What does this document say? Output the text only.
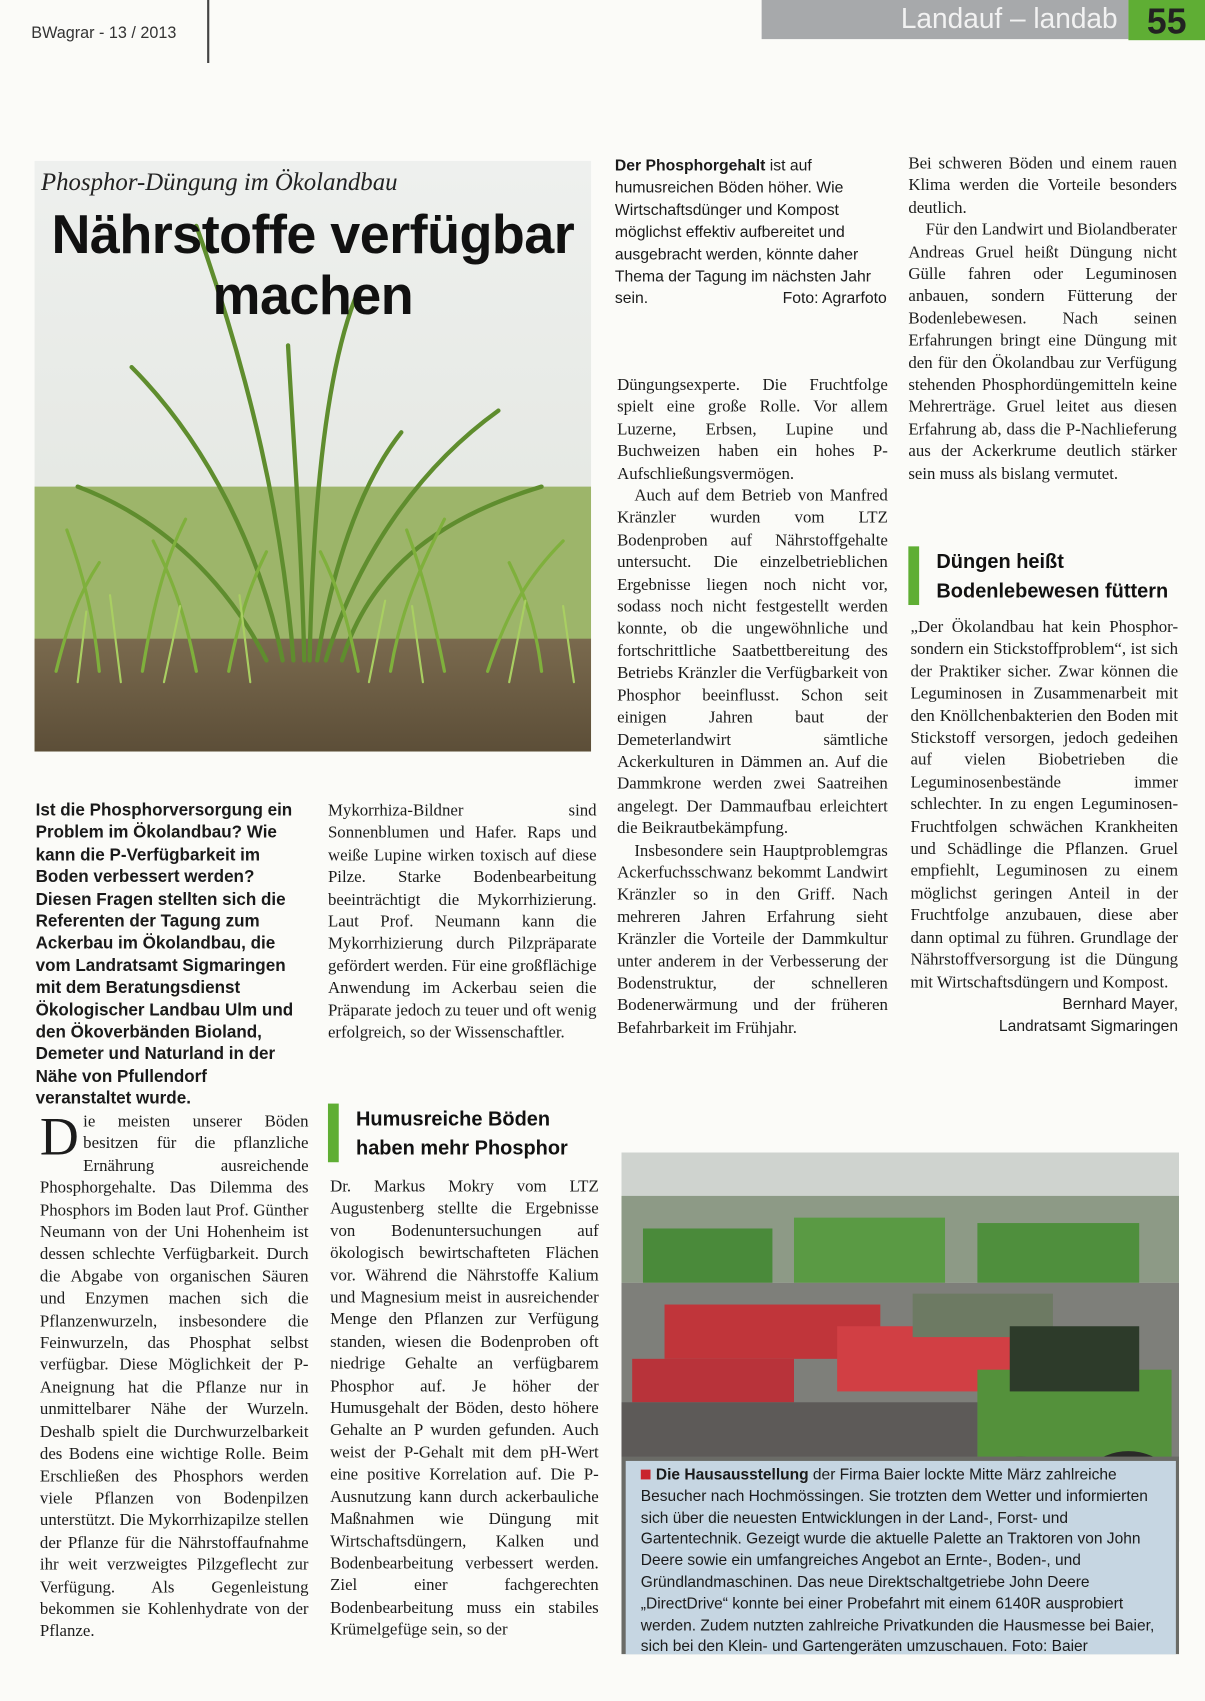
BWagrar - 13 / 2013	Landauf – landab 55
Phosphor-Düngung im Ökolandbau
Nährstoffe verfügbar machen
Ist die Phosphorversorgung ein Problem im Ökolandbau? Wie kann die P-Verfügbarkeit im Boden verbessert werden? Diesen Fragen stellten sich die Referenten der Tagung zum Ackerbau im Ökolandbau, die vom Landratsamt Sigmaringen mit dem Beratungsdienst Ökologischer Landbau Ulm und den Ökoverbänden Bioland, Demeter und Naturland in der Nähe von Pfullendorf veranstaltet wurde.

Die meisten unserer Böden besitzen für die pflanzliche Ernährung ausreichende Phosphorgehalte. Das Dilemma des Phosphors im Boden laut Prof. Günther Neumann von der Uni Hohenheim ist dessen schlechte Verfügbarkeit. Durch die Abgabe von organischen Säuren und Enzymen machen sich die Pflanzenwurzeln, insbesondere die Feinwurzeln, das Phosphat selbst verfügbar. Diese Möglichkeit der P-Aneignung hat die Pflanze nur in unmittelbarer Nähe der Wurzeln. Deshalb spielt die Durchwurzelbarkeit des Bodens eine wichtige Rolle. Beim Erschließen des Phosphors werden viele Pflanzen von Bodenpilzen unterstützt. Die Mykorrhizapilze stellen der Pflanze für die Nährstoffaufnahme ihr weit verzweigtes Pilzgeflecht zur Verfügung. Als Gegenleistung bekommen sie Kohlenhydrate von der Pflanze.

Mykorrhiza-Bildner sind Sonnenblumen und Hafer. Raps und weiße Lupine wirken toxisch auf diese Pilze. Starke Bodenbearbeitung beeinträchtigt die Mykorrhizierung. Laut Prof. Neumann kann die Mykorrhizierung durch Pilzpräparate gefördert werden. Für eine großflächige Anwendung im Ackerbau seien die Präparate jedoch zu teuer und oft wenig erfolgreich, so der Wissenschaftler.

Humusreiche Böden haben mehr Phosphor

Dr. Markus Mokry vom LTZ Augustenberg stellte die Ergebnisse von Bodenuntersuchungen auf ökologisch bewirtschafteten Flächen vor. Während die Nährstoffe Kalium und Magnesium meist in ausreichender Menge den Pflanzen zur Verfügung standen, wiesen die Bodenproben oft niedrige Gehalte an verfügbarem Phosphor auf. Je höher der Humusgehalt der Böden, desto höhere Gehalte an P wurden gefunden. Auch weist der P-Gehalt mit dem pH-Wert eine positive Korrelation auf. Die P-Ausnutzung kann durch ackerbauliche Maßnahmen wie Düngung mit Wirtschaftsdüngern, Kalken und Bodenbearbeitung verbessert werden. Ziel einer fachgerechten Bodenbearbeitung muss ein stabiles Krümelgefüge sein, so der

Der Phosphorgehalt ist auf humusreichen Böden höher. Wie Wirtschaftsdünger und Kompost möglichst effektiv aufbereitet und ausgebracht werden, könnte daher Thema der Tagung im nächsten Jahr sein.	Foto: Agrarfoto

Düngungsexperte. Die Fruchtfolge spielt eine große Rolle. Vor allem Luzerne, Erbsen, Lupine und Buchweizen haben ein hohes P-Aufschließungsvermögen.

Auch auf dem Betrieb von Manfred Kränzler wurden vom LTZ Bodenproben auf Nährstoffgehalte untersucht. Die einzelbetrieblichen Ergebnisse liegen noch nicht vor, sodass noch nicht festgestellt werden konnte, ob die ungewöhnliche und fortschrittliche Saatbettbereitung des Betriebs Kränzler die Verfügbarkeit von Phosphor beeinflusst. Schon seit einigen Jahren baut der Demeterlandwirt sämtliche Ackerkulturen in Dämmen an. Auf die Dammkrone werden zwei Saatreihen angelegt. Der Dammaufbau erleichtert die Beikrautbekämpfung.

Insbesondere sein Hauptproblemgras Ackerfuchsschwanz bekommt Landwirt Kränzler so in den Griff. Nach mehreren Jahren Erfahrung sieht Kränzler die Vorteile der Dammkultur unter anderem in der Verbesserung der Bodenstruktur, der schnelleren Bodenerwärmung und der früheren Befahrbarkeit im Frühjahr.

Bei schweren Böden und einem rauen Klima werden die Vorteile besonders deutlich.

Für den Landwirt und Biolandberater Andreas Gruel heißt Düngung nicht Gülle fahren oder Leguminosen anbauen, sondern Fütterung der Bodenlebewesen. Nach seinen Erfahrungen bringt eine Düngung mit den für den Ökolandbau zur Verfügung stehenden Phosphordüngemitteln keine Mehrerträge. Gruel leitet aus diesen Erfahrung ab, dass die P-Nachlieferung aus der Ackerkrume deutlich stärker sein muss als bislang vermutet.

Düngen heißt Bodenlebewesen füttern

„Der Ökolandbau hat kein Phosphor- sondern ein Stickstoffproblem“, ist sich der Praktiker sicher. Zwar können die Leguminosen in Zusammenarbeit mit den Knöllchenbakterien den Boden mit Stickstoff versorgen, jedoch gedeihen auf vielen Biobetrieben die Leguminosenbestände immer schlechter. In zu engen Leguminosen-Fruchtfolgen schwächen Krankheiten und Schädlinge die Pflanzen. Gruel empfiehlt, Leguminosen zu einem möglichst geringen Anteil in der Fruchtfolge anzubauen, diese aber dann optimal zu führen. Grundlage der Nährstoffversorgung ist die Düngung mit Wirtschaftsdüngern und Kompost.

Bernhard Mayer,
Landratsamt Sigmaringen
Die Hausausstellung der Firma Baier lockte Mitte März zahlreiche Besucher nach Hochmössingen. Sie trotzten dem Wetter und informierten sich über die neuesten Entwicklungen in der Land-, Forst- und Gartentechnik. Gezeigt wurde die aktuelle Palette an Traktoren von John Deere sowie ein umfangreiches Angebot an Ernte-, Boden-, und Gründlandmaschinen. Das neue Direktschaltgetriebe John Deere „DirectDrive“ konnte bei einer Probefahrt mit einem 6140R ausprobiert werden. Zudem nutzten zahlreiche Privatkunden die Hausmesse bei Baier, sich bei den Klein- und Gartengeräten umzuschauen. Foto: Baier
